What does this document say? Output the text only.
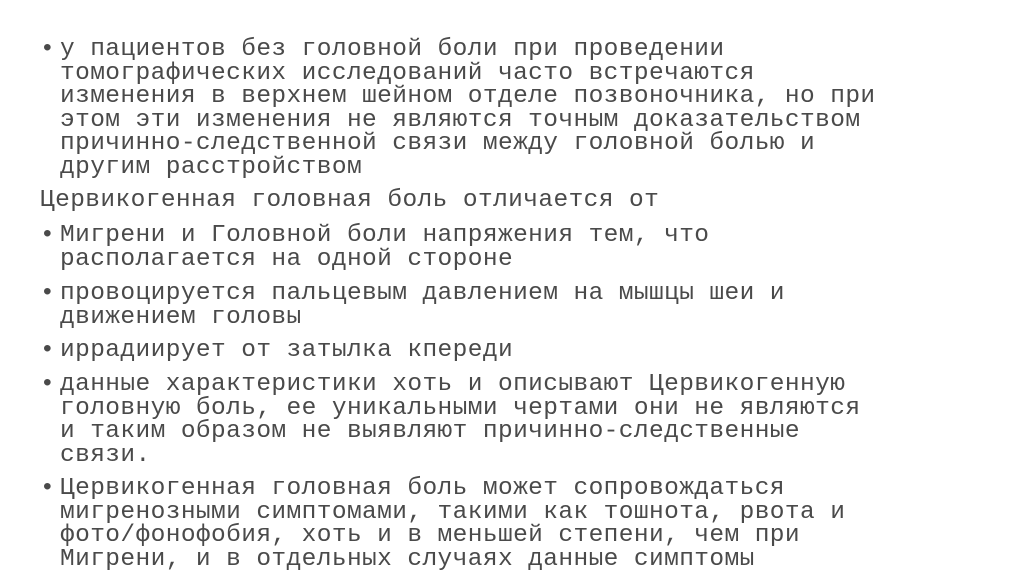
• у пациентов без головной боли при проведении
томографических исследований часто встречаются
изменения в верхнем шейном отделе позвоночника, но при
этом эти изменения не являются точным доказательством
причинно-следственной связи между головной болью и
другим расстройством
Цервикогенная головная боль отличается от
• Мигрени и Головной боли напряжения тем, что
располагается на одной стороне
• провоцируется пальцевым давлением на мышцы шеи и
движением головы
• иррадиирует от затылка кпереди
• данные характеристики хоть и описывают Цервикогенную
головную боль, ее уникальными чертами они не являются
и таким образом не выявляют причинно-следственные
связи.
• Цервикогенная головная боль может сопровождаться
мигренозными симптомами, такими как тошнота, рвота и
фото/фонофобия, хоть и в меньшей степени, чем при
Мигрени, и в отдельных случаях данные симптомы
